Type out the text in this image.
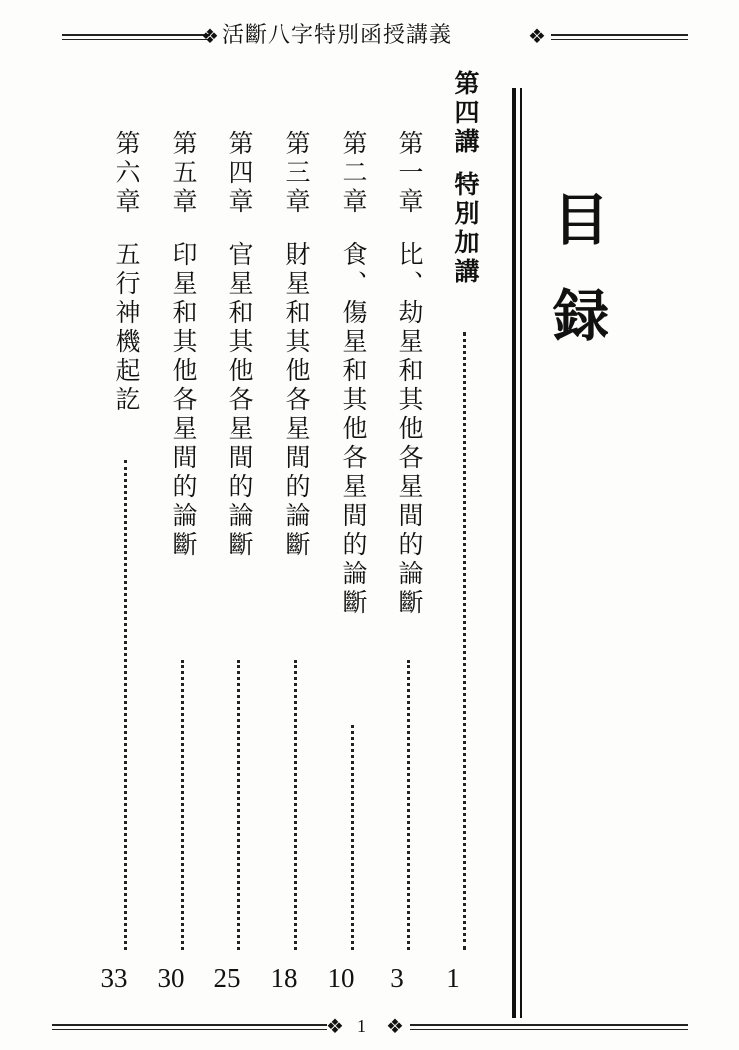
❖ 活斷八字特別函授講義	❖
目録
第四講特別加講
1
第一章比、劫星和其他各星間的論斷
3
第二章食、傷星和其他各星間的論斷
10
第三章財星和其他各星間的論斷
18
第四章官星和其他各星間的論斷
25
第五章印星和其他各星間的論斷
30
第六章五行神機起訖
33
❖ 1 ❖
